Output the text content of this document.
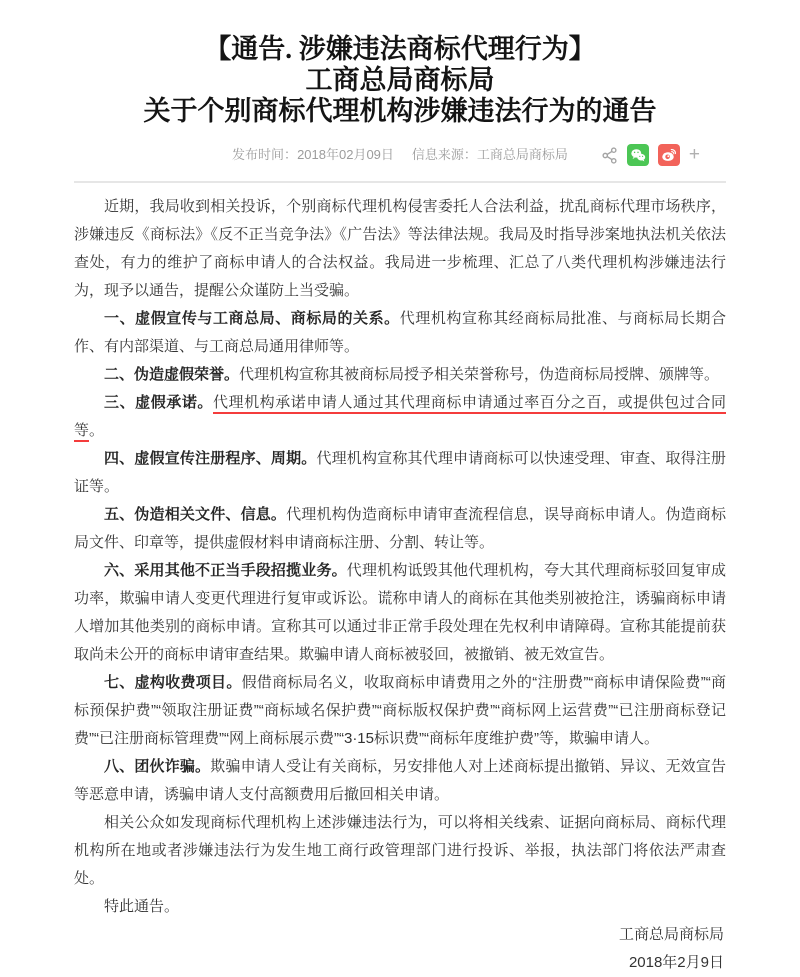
【通告. 涉嫌违法商标代理行为】
工商总局商标局
关于个别商标代理机构涉嫌违法行为的通告
发布时间：2018年02月09日 信息来源：工商总局商标局	+

近期，我局收到相关投诉，个别商标代理机构侵害委托人合法利益，扰乱商标代理市场秩序，涉嫌违反《商标法》《反不正当竞争法》《广告法》等法律法规。我局及时指导涉案地执法机关依法查处，有力的维护了商标申请人的合法权益。我局进一步梳理、汇总了八类代理机构涉嫌违法行为，现予以通告，提醒公众谨防上当受骗。

一、虚假宣传与工商总局、商标局的关系。代理机构宣称其经商标局批准、与商标局长期合作、有内部渠道、与工商总局通用律师等。

二、伪造虚假荣誉。代理机构宣称其被商标局授予相关荣誉称号，伪造商标局授牌、颁牌等。

三、虚假承诺。代理机构承诺申请人通过其代理商标申请通过率百分之百，或提供包过合同等。

四、虚假宣传注册程序、周期。代理机构宣称其代理申请商标可以快速受理、审查、取得注册证等。

五、伪造相关文件、信息。代理机构伪造商标申请审查流程信息，误导商标申请人。伪造商标局文件、印章等，提供虚假材料申请商标注册、分割、转让等。

六、采用其他不正当手段招揽业务。代理机构诋毁其他代理机构，夸大其代理商标驳回复审成功率，欺骗申请人变更代理进行复审或诉讼。谎称申请人的商标在其他类别被抢注，诱骗商标申请人增加其他类别的商标申请。宣称其可以通过非正常手段处理在先权利申请障碍。宣称其能提前获取尚未公开的商标申请审查结果。欺骗申请人商标被驳回，被撤销、被无效宣告。

七、虚构收费项目。假借商标局名义，收取商标申请费用之外的“注册费”“商标申请保险费”“商标预保护费”“领取注册证费”“商标域名保护费”“商标版权保护费”“商标网上运营费”“已注册商标登记费”“已注册商标管理费”“网上商标展示费”“3·15标识费”“商标年度维护费”等，欺骗申请人。

八、团伙诈骗。欺骗申请人受让有关商标，另安排他人对上述商标提出撤销、异议、无效宣告等恶意申请，诱骗申请人支付高额费用后撤回相关申请。

相关公众如发现商标代理机构上述涉嫌违法行为，可以将相关线索、证据向商标局、商标代理机构所在地或者涉嫌违法行为发生地工商行政管理部门进行投诉、举报，执法部门将依法严肃查处。

特此通告。

工商总局商标局
2018年2月9日
